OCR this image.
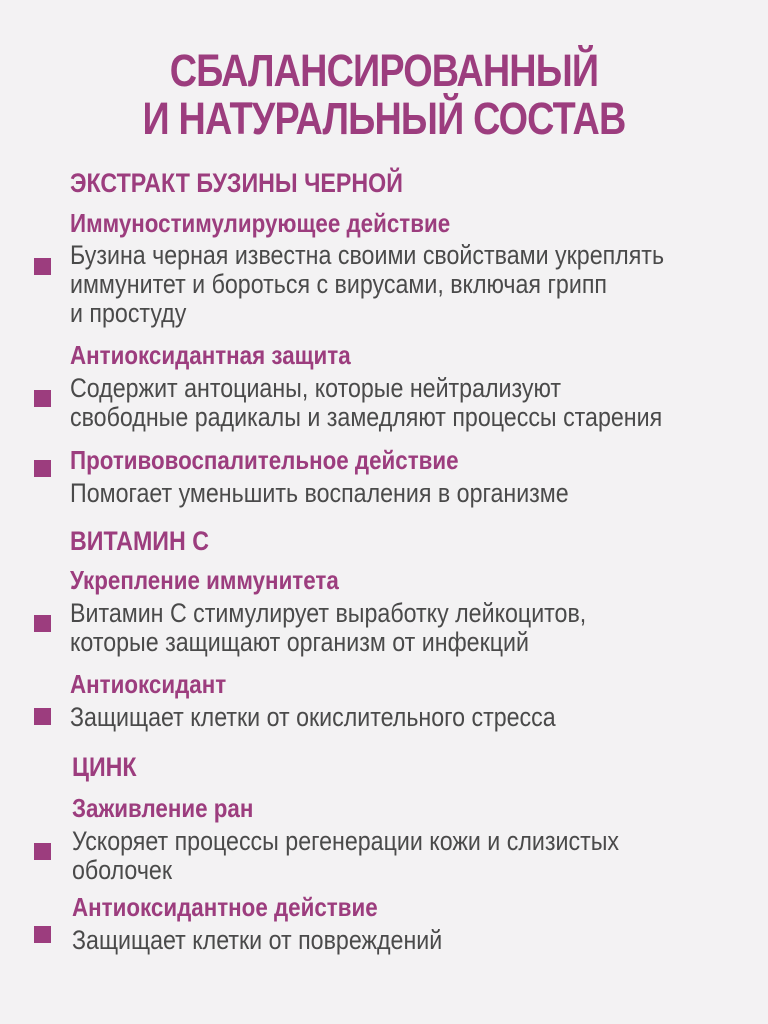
СБАЛАНСИРОВАННЫЙ
И НАТУРАЛЬНЫЙ СОСТАВ
ЭКСТРАКТ БУЗИНЫ ЧЕРНОЙ
Иммуностимулирующее действие
Бузина черная известна своими свойствами укреплять
иммунитет и бороться с вирусами, включая грипп
и простуду
Антиоксидантная защита
Содержит антоцианы, которые нейтрализуют
свободные радикалы и замедляют процессы старения
Противовоспалительное действие
Помогает уменьшить воспаления в организме
ВИТАМИН С
Укрепление иммунитета
Витамин С стимулирует выработку лейкоцитов,
которые защищают организм от инфекций
Антиоксидант
Защищает клетки от окислительного стресса
ЦИНК
Заживление ран
Ускоряет процессы регенерации кожи и слизистых
оболочек
Антиоксидантное действие
Защищает клетки от повреждений
